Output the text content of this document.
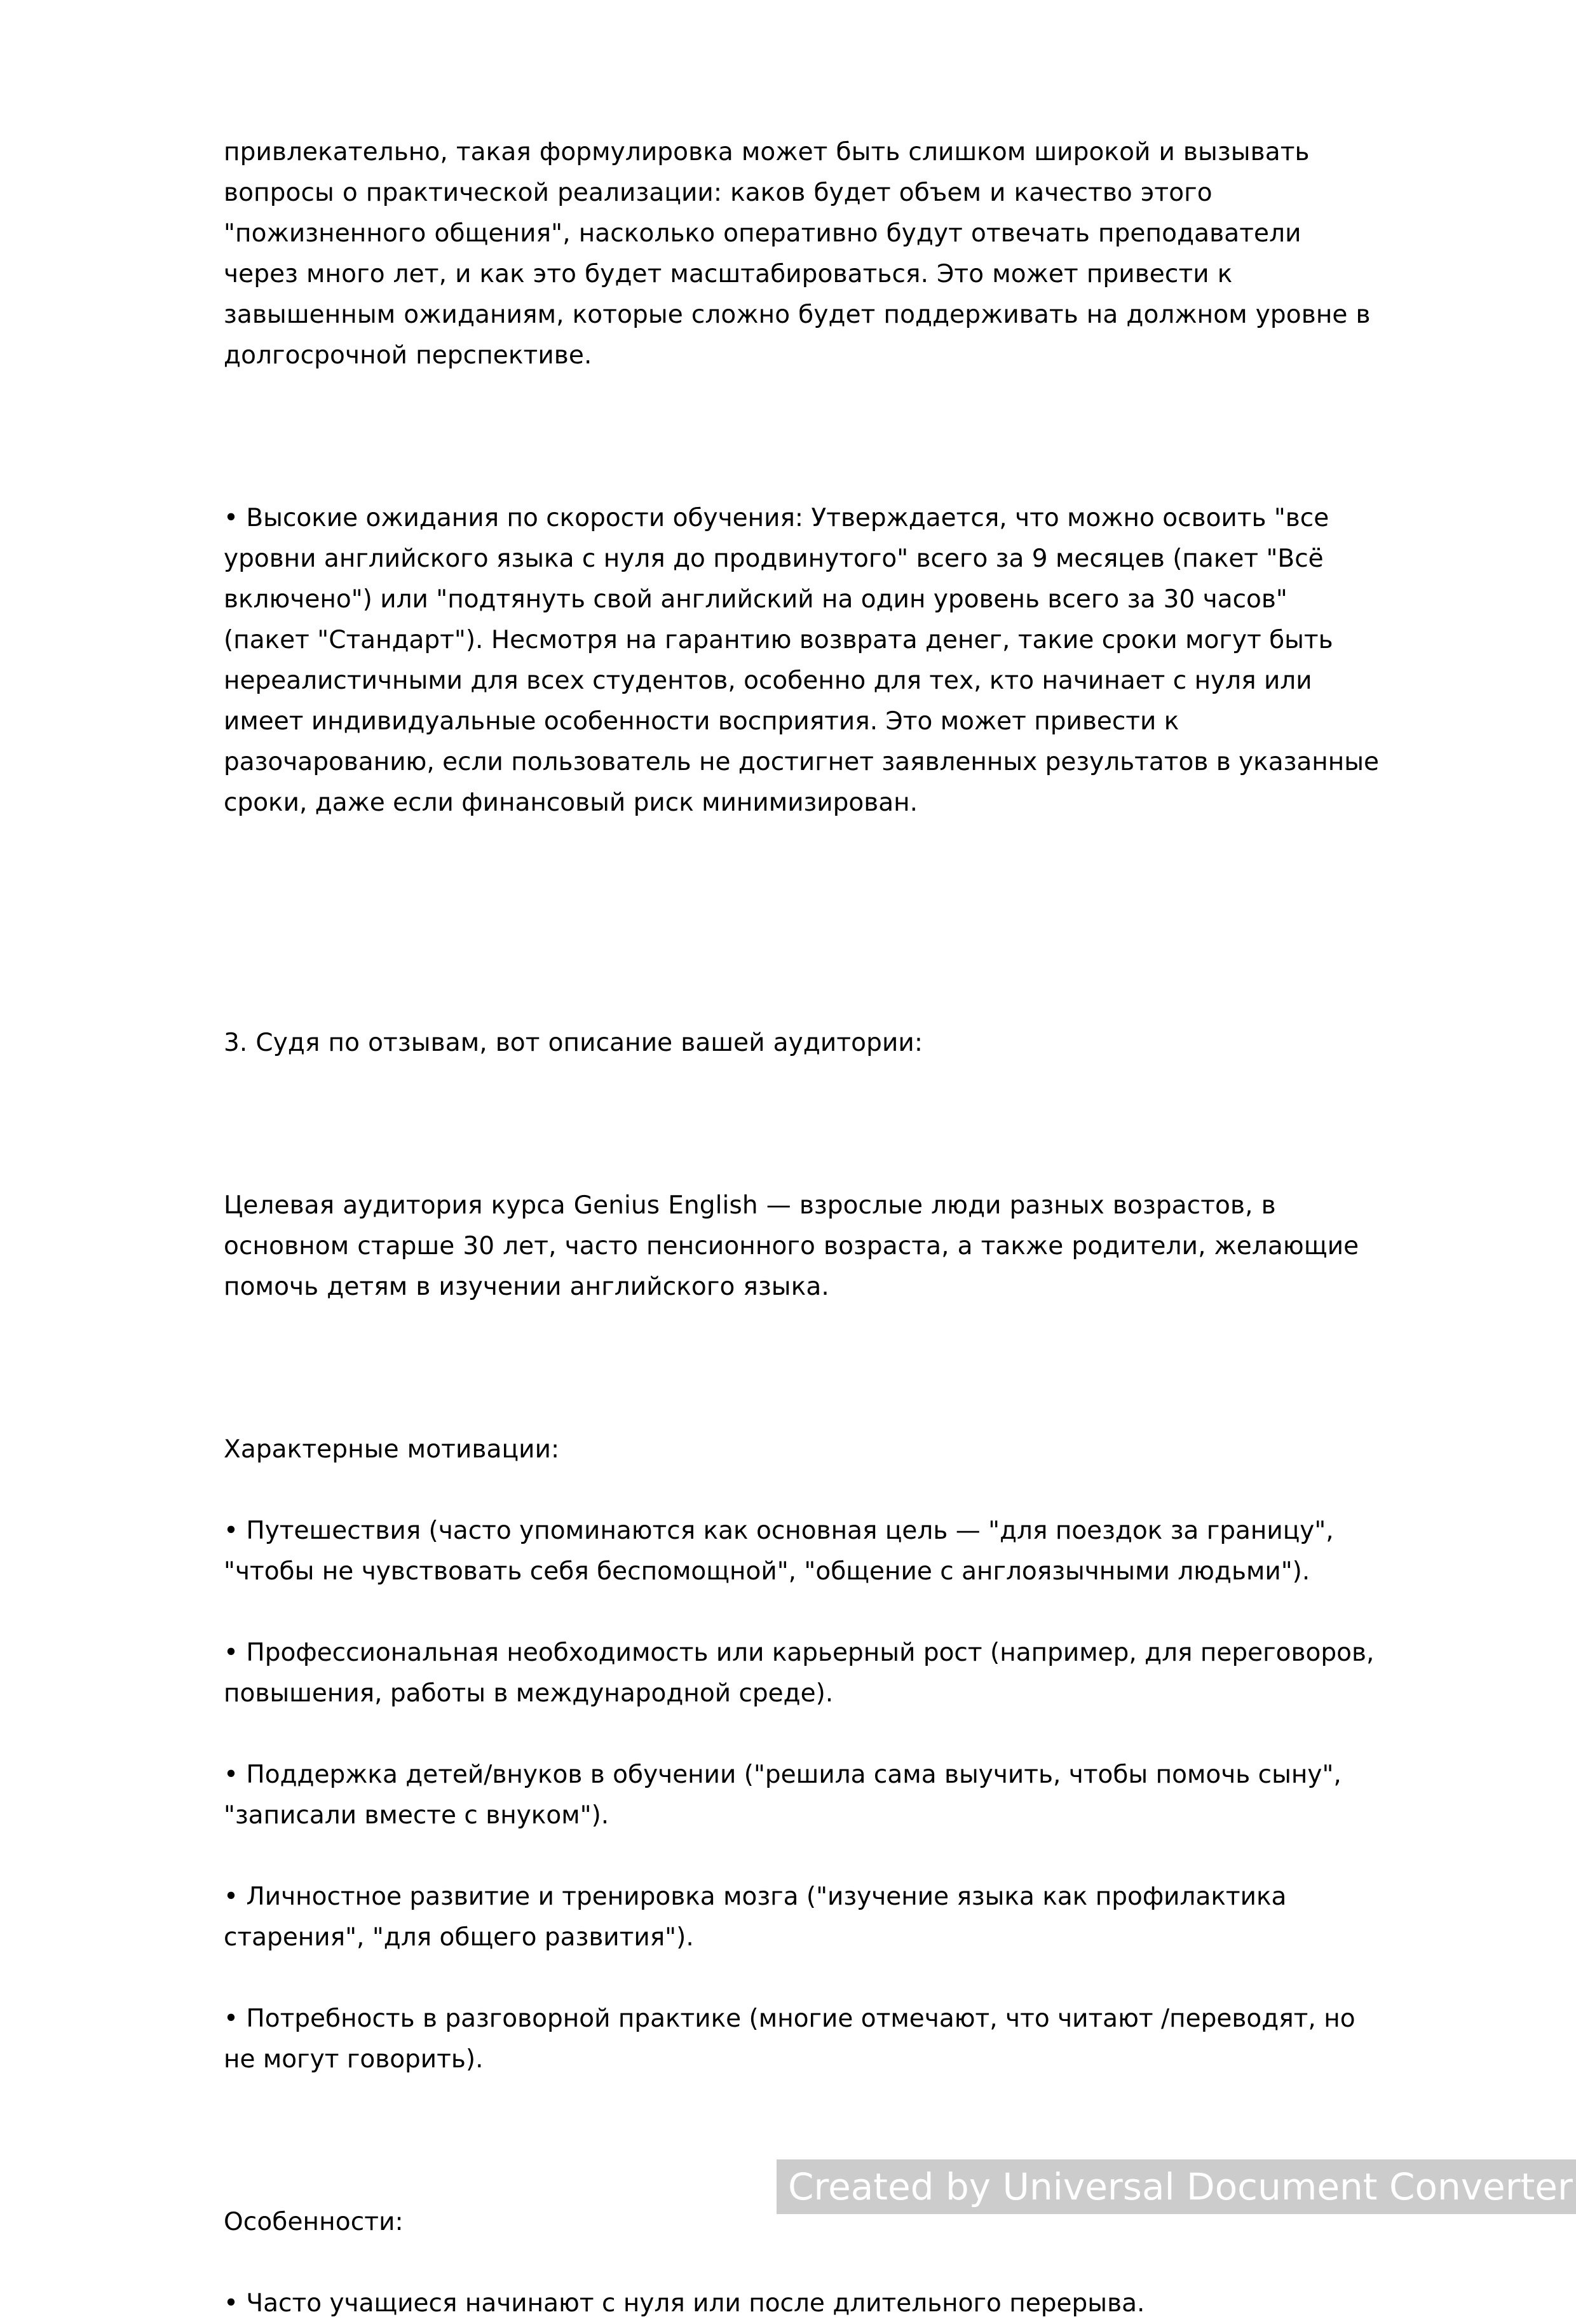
привлекательно, такая формулировка может быть слишком широкой и вызывать вопросы о практической реализации: каков будет объем и качество этого "пожизненного общения", насколько оперативно будут отвечать преподаватели через много лет, и как это будет масштабироваться. Это может привести к завышенным ожиданиям, которые сложно будет поддерживать на должном уровне в долгосрочной перспективе.

• Высокие ожидания по скорости обучения: Утверждается, что можно освоить "все уровни английского языка с нуля до продвинутого" всего за 9 месяцев (пакет "Всё включено") или "подтянуть свой английский на один уровень всего за 30 часов" (пакет "Стандарт"). Несмотря на гарантию возврата денег, такие сроки могут быть нереалистичными для всех студентов, особенно для тех, кто начинает с нуля или имеет индивидуальные особенности восприятия. Это может привести к разочарованию, если пользователь не достигнет заявленных результатов в указанные сроки, даже если финансовый риск минимизирован.

3. Судя по отзывам, вот описание вашей аудитории:

Целевая аудитория курса Genius English — взрослые люди разных возрастов, в основном старше 30 лет, часто пенсионного возраста, а также родители, желающие помочь детям в изучении английского языка.

Характерные мотивации:

• Путешествия (часто упоминаются как основная цель — "для поездок за границу", "чтобы не чувствовать себя беспомощной", "общение с англоязычными людьми").

• Профессиональная необходимость или карьерный рост (например, для переговоров, повышения, работы в международной среде).

• Поддержка детей/внуков в обучении ("решила сама выучить, чтобы помочь сыну", "записали вместе с внуком").

• Личностное развитие и тренировка мозга ("изучение языка как профилактика старения", "для общего развития").

• Потребность в разговорной практике (многие отмечают, что читают /переводят, но не могут говорить).

Особенности:

• Часто учащиеся начинают с нуля или после длительного перерыва.

Created by Universal Document Converter
